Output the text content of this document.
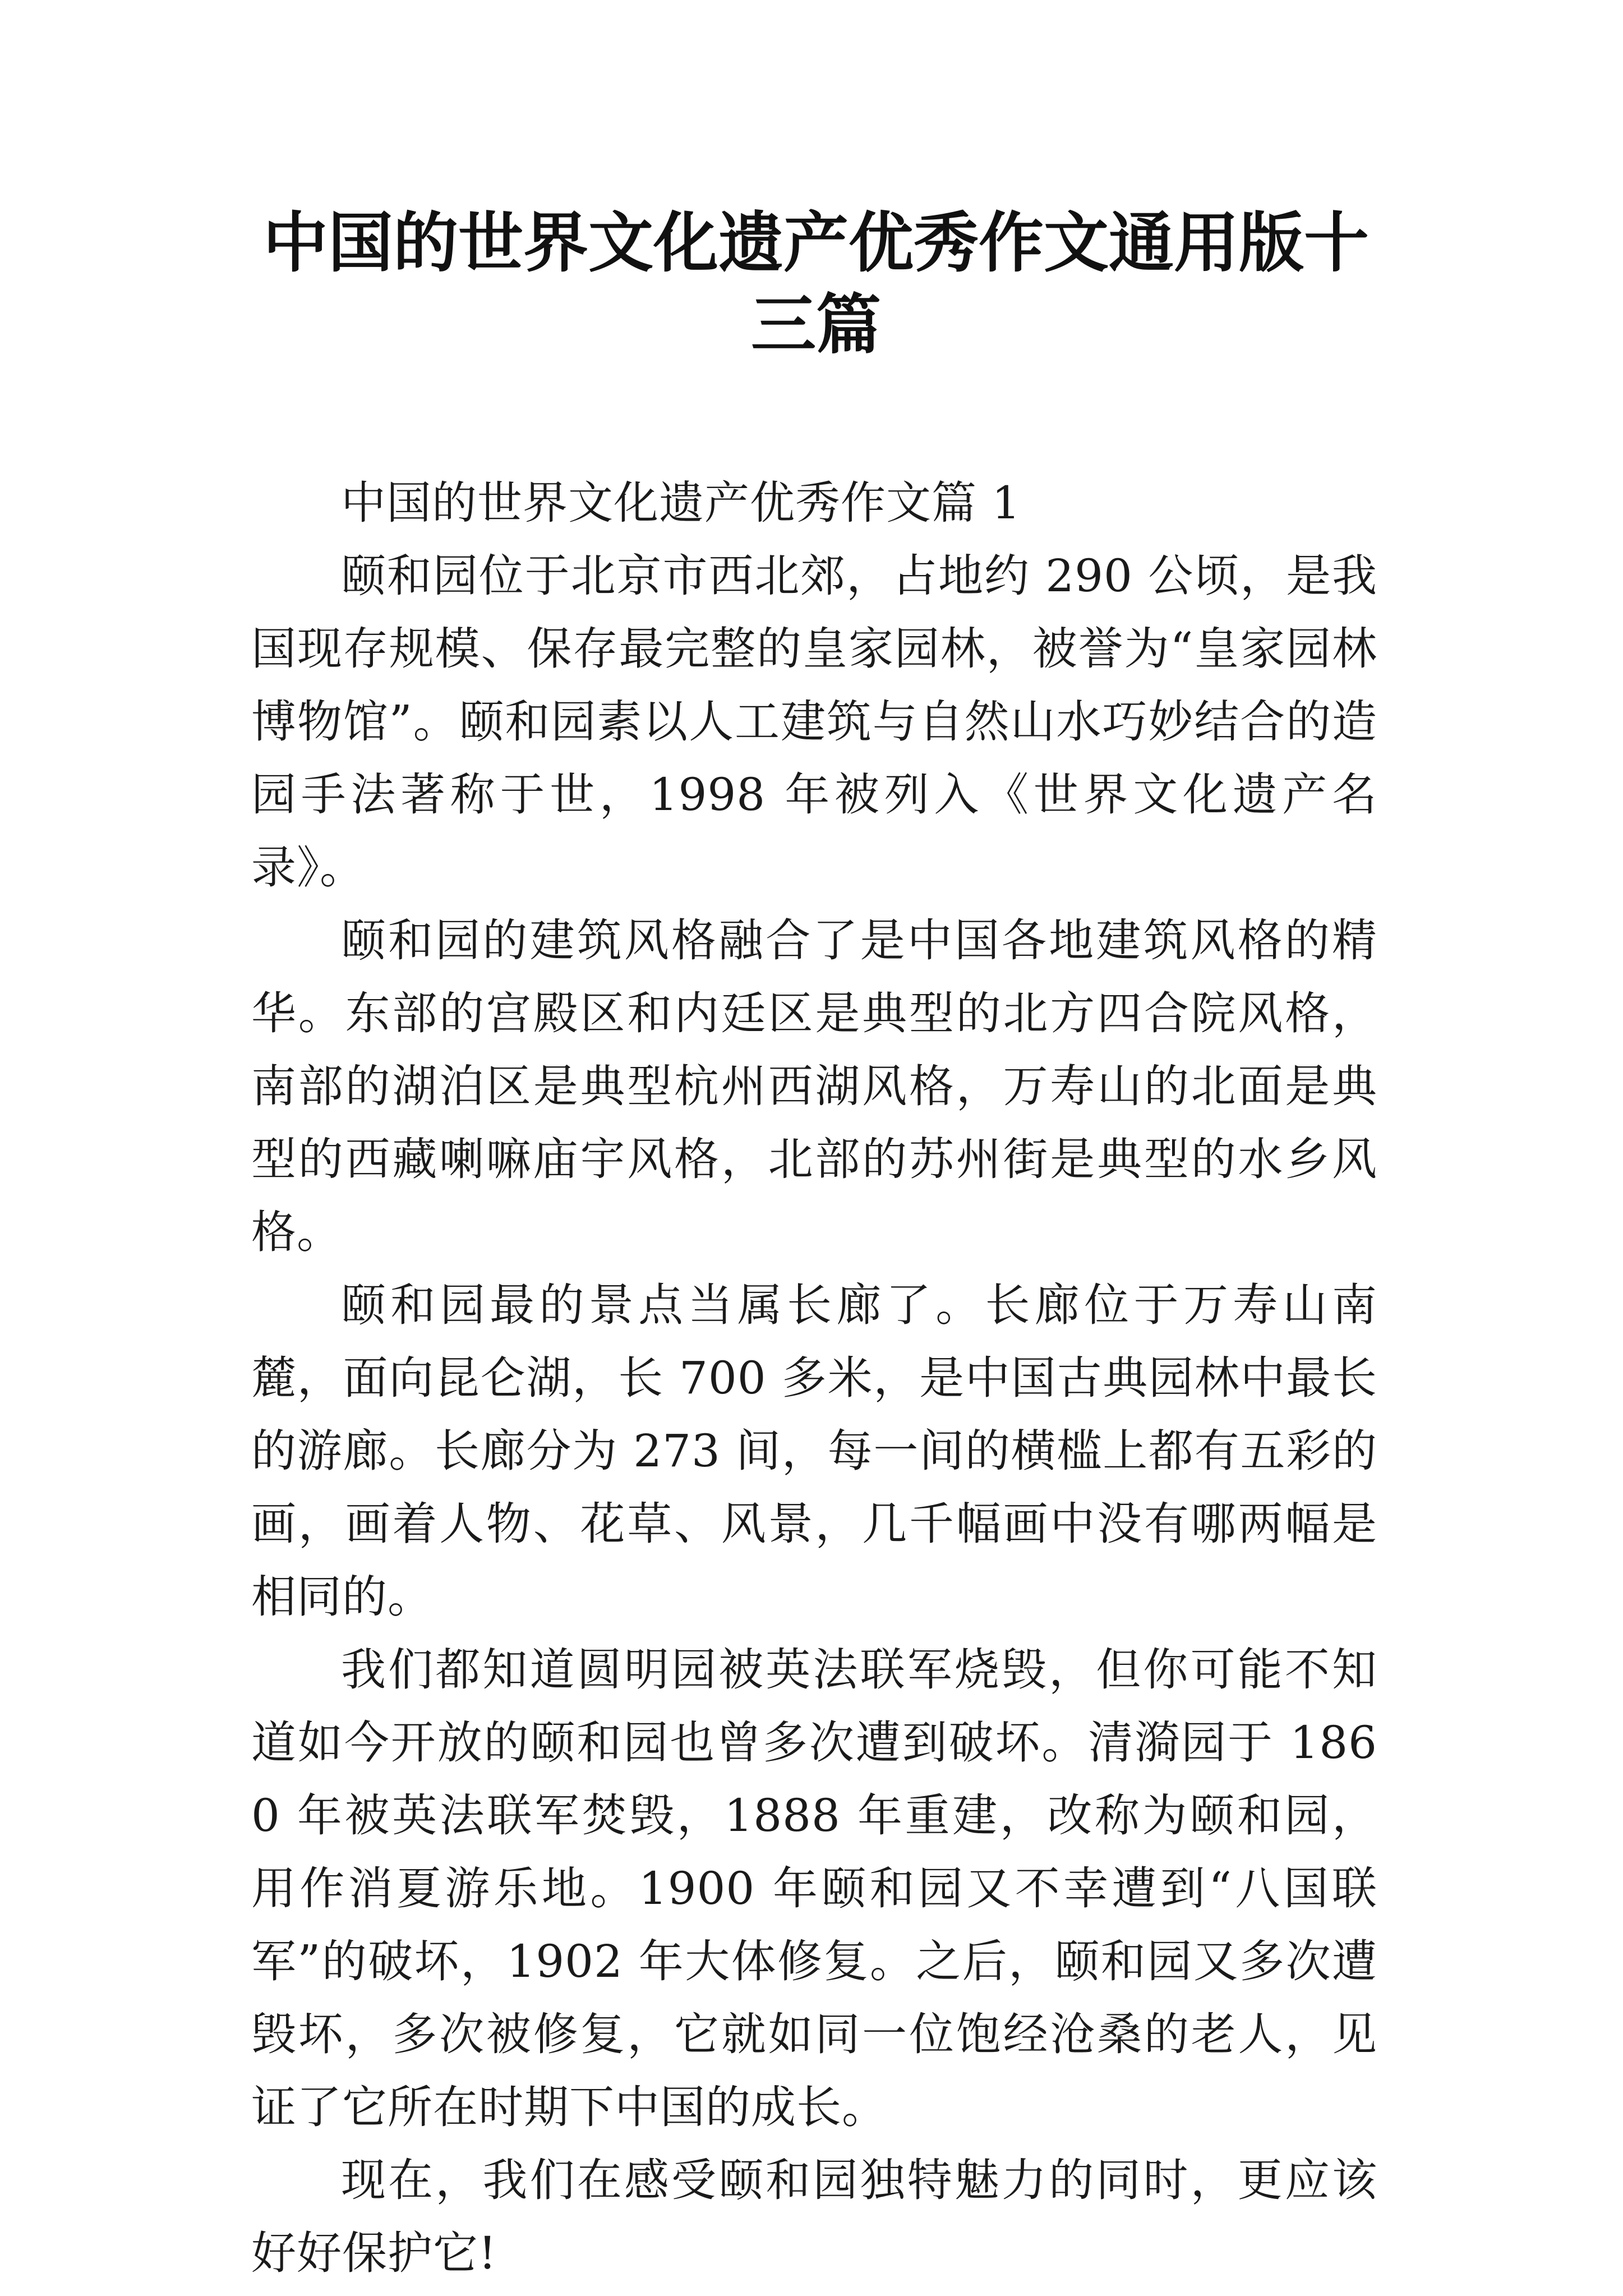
中国的世界文化遗产优秀作文通用版十三篇

中国的世界文化遗产优秀作文篇 1

颐和园位于北京市西北郊，占地约 290 公顷，是我国现存规模、保存最完整的皇家园林，被誉为“皇家园林博物馆”。颐和园素以人工建筑与自然山水巧妙结合的造园手法著称于世，1998 年被列入《世界文化遗产名录》。

颐和园的建筑风格融合了是中国各地建筑风格的精华。东部的宫殿区和内廷区是典型的北方四合院风格，南部的湖泊区是典型杭州西湖风格，万寿山的北面是典型的西藏喇嘛庙宇风格，北部的苏州街是典型的水乡风格。

颐和园最的景点当属长廊了。长廊位于万寿山南麓，面向昆仑湖，长 700 多米，是中国古典园林中最长的游廊。长廊分为 273 间，每一间的横槛上都有五彩的画，画着人物、花草、风景，几千幅画中没有哪两幅是相同的。

我们都知道圆明园被英法联军烧毁，但你可能不知道如今开放的颐和园也曾多次遭到破坏。清漪园于 1860 年被英法联军焚毁，1888 年重建，改称为颐和园，用作消夏游乐地。1900 年颐和园又不幸遭到“八国联军”的破坏，1902 年大体修复。之后，颐和园又多次遭毁坏，多次被修复，它就如同一位饱经沧桑的老人，见证了它所在时期下中国的成长。

现在，我们在感受颐和园独特魅力的同时，更应该好好保护它!
